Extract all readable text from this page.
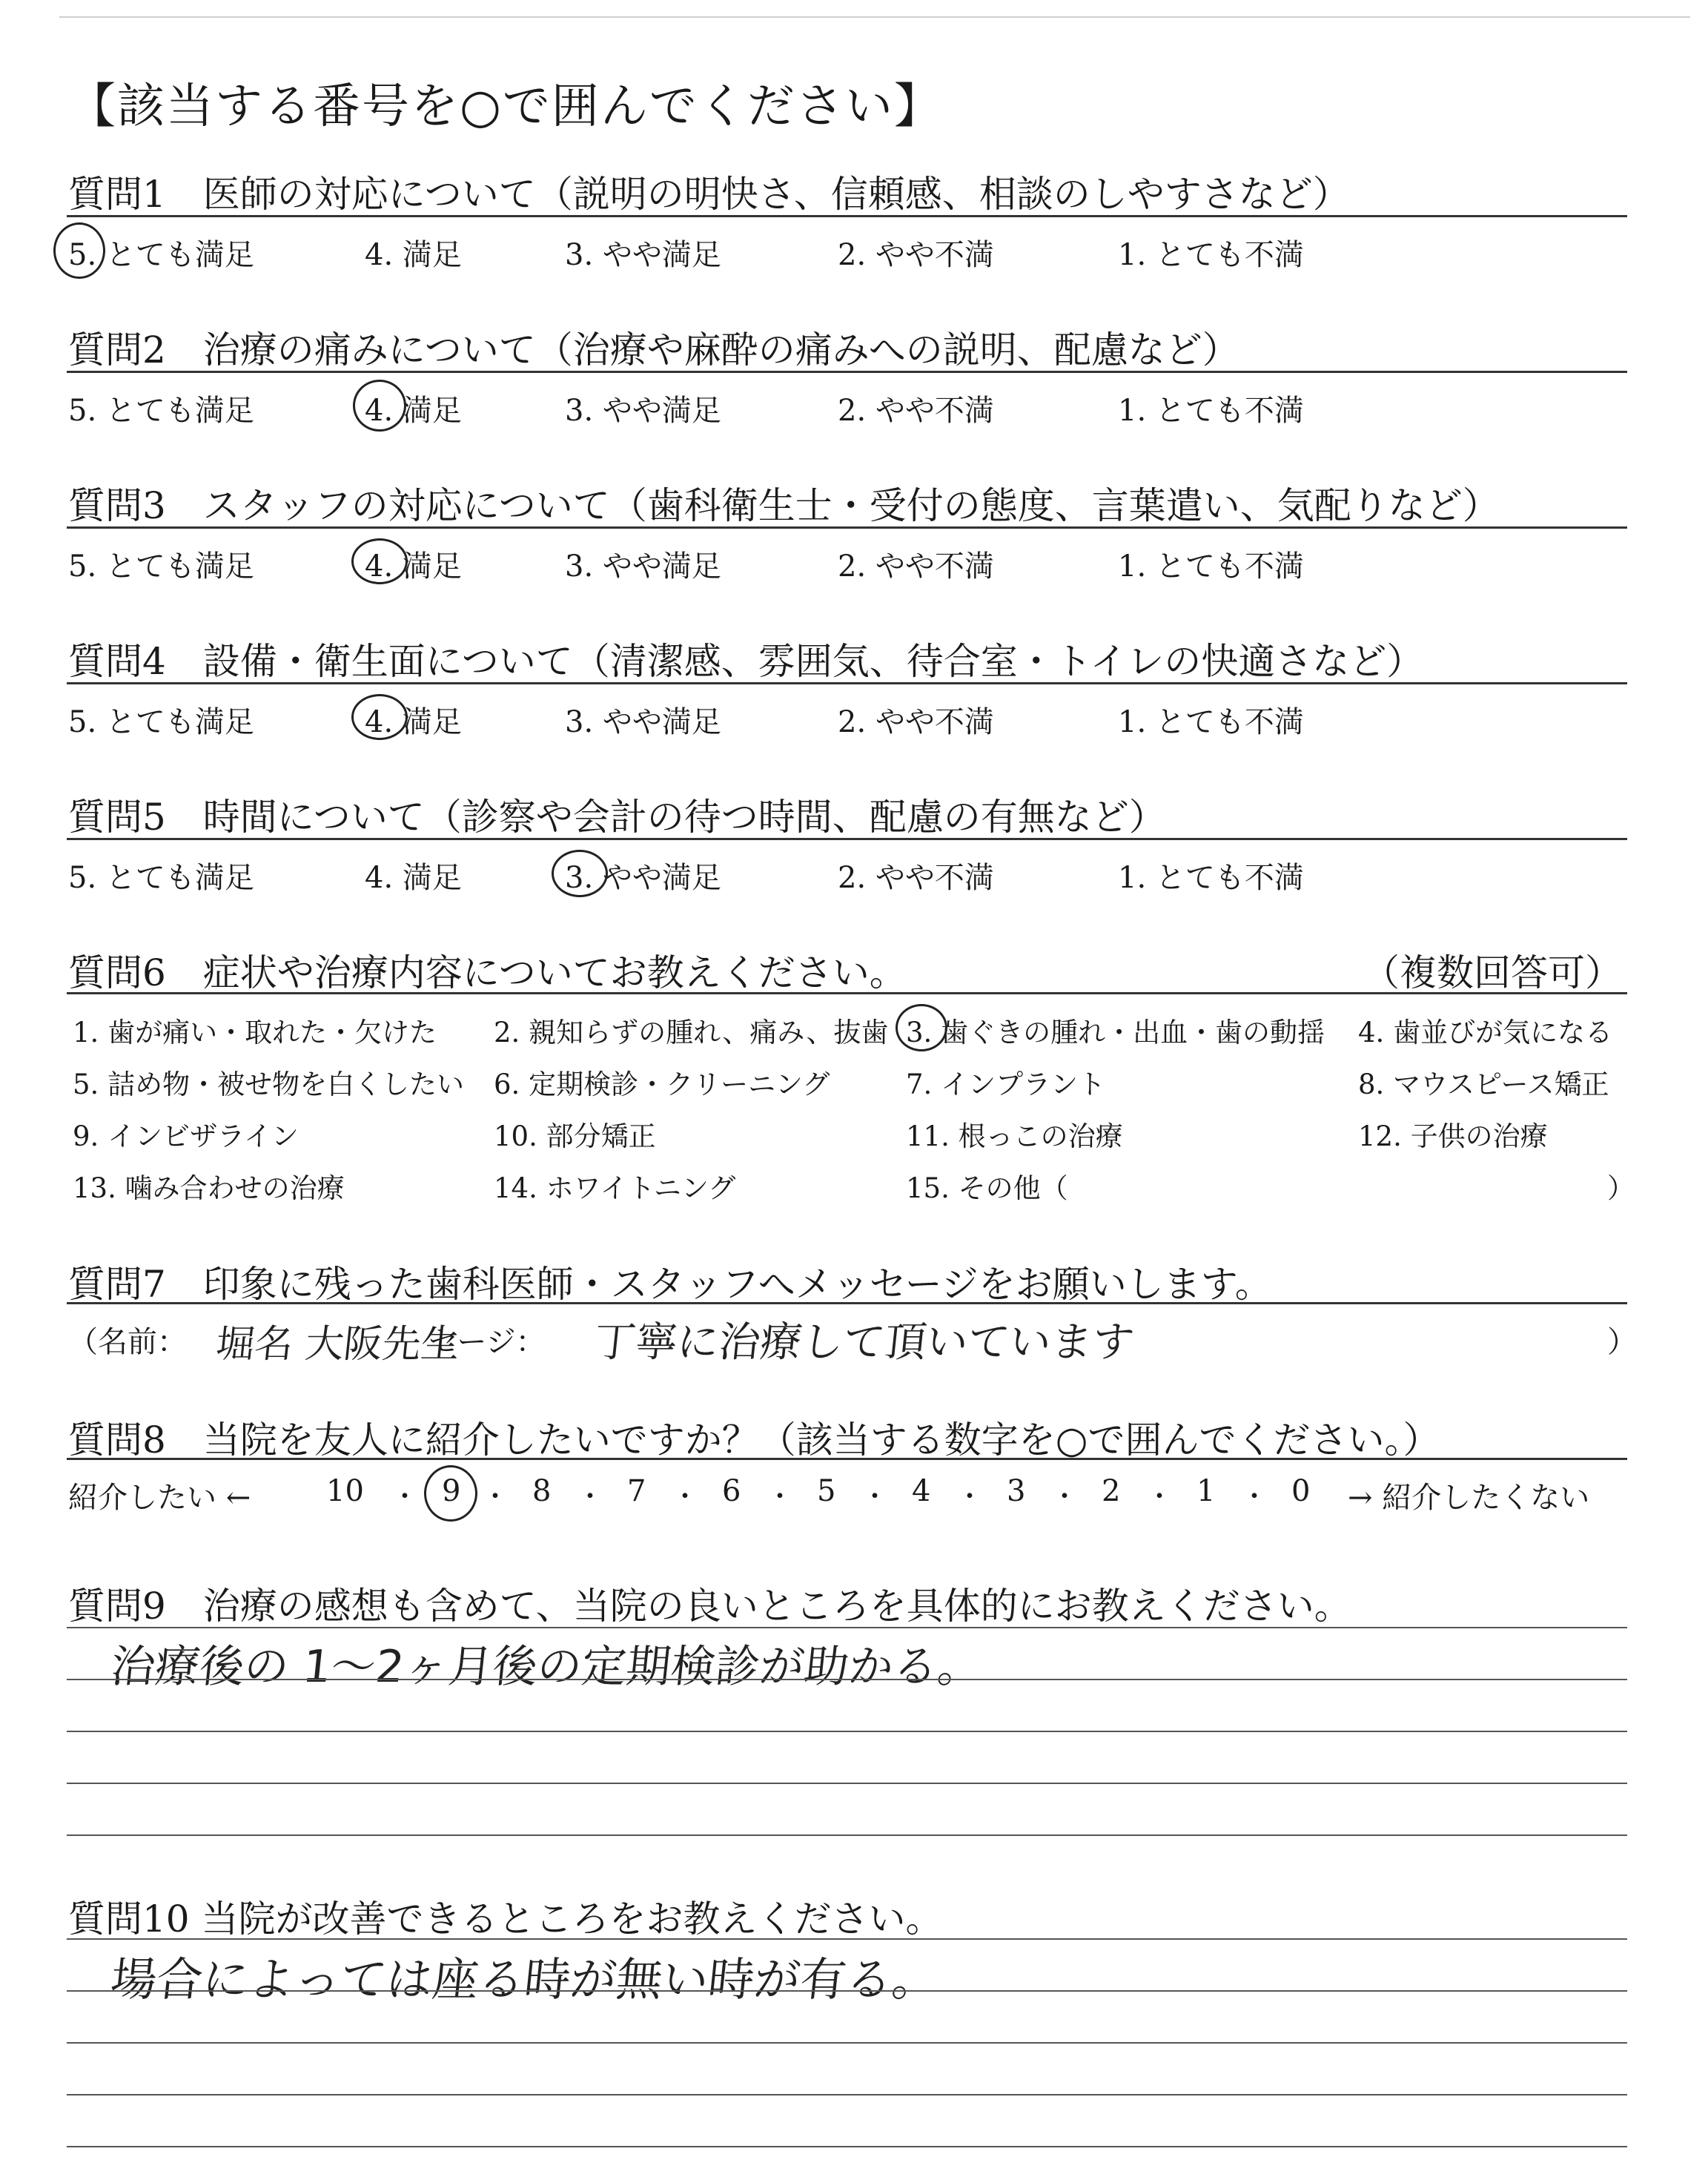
【該当する番号を○で囲んでください】
質問1　医師の対応について（説明の明快さ、信頼感、相談のしやすさなど）
5. とても満足	4. 満足	3. やや満足	2. やや不満	1. とても不満
質問2　治療の痛みについて（治療や麻酔の痛みへの説明、配慮など）
5. とても満足	4. 満足	3. やや満足	2. やや不満	1. とても不満
質問3　スタッフの対応について（歯科衛生士・受付の態度、言葉遣い、気配りなど）
5. とても満足	4. 満足	3. やや満足	2. やや不満	1. とても不満
質問4　設備・衛生面について（清潔感、雰囲気、待合室・トイレの快適さなど）
5. とても満足	4. 満足	3. やや満足	2. やや不満	1. とても不満
質問5　時間について（診察や会計の待つ時間、配慮の有無など）
5. とても満足	4. 満足	3. やや満足	2. やや不満	1. とても不満
質問6　症状や治療内容についてお教えください。	（複数回答可）
1. 歯が痛い・取れた・欠けた 2. 親知らずの腫れ、痛み、抜歯 3. 歯ぐきの腫れ・出血・歯の動揺 4. 歯並びが気になる
5. 詰め物・被せ物を白くしたい 6. 定期検診・クリーニング	7. インプラント	8. マウスピース矯正
9. インビザライン	10. 部分矯正	11. 根っこの治療	12. 子供の治療
13. 噛み合わせの治療	14. ホワイトニング	15. その他（	）
質問7　印象に残った歯科医師・スタッフへメッセージをお願いします。
（名前： 堀名 大阪先生
セージ： 丁寧に治療して頂いています	）
質問8　当院を友人に紹介したいですか？（該当する数字を○で囲んでください。）
紹介したい ←	10 ・ 9 ・ 8 ・ 7 ・ 6 ・ 5 ・ 4 ・ 3 ・ 2 ・ 1 ・ 0 → 紹介したくない
質問9　治療の感想も含めて、当院の良いところを具体的にお教えください。
治療後の 1〜2ヶ月後の定期検診が助かる。
質問10 当院が改善できるところをお教えください。
場合によっては座る時が無い時が有る。
